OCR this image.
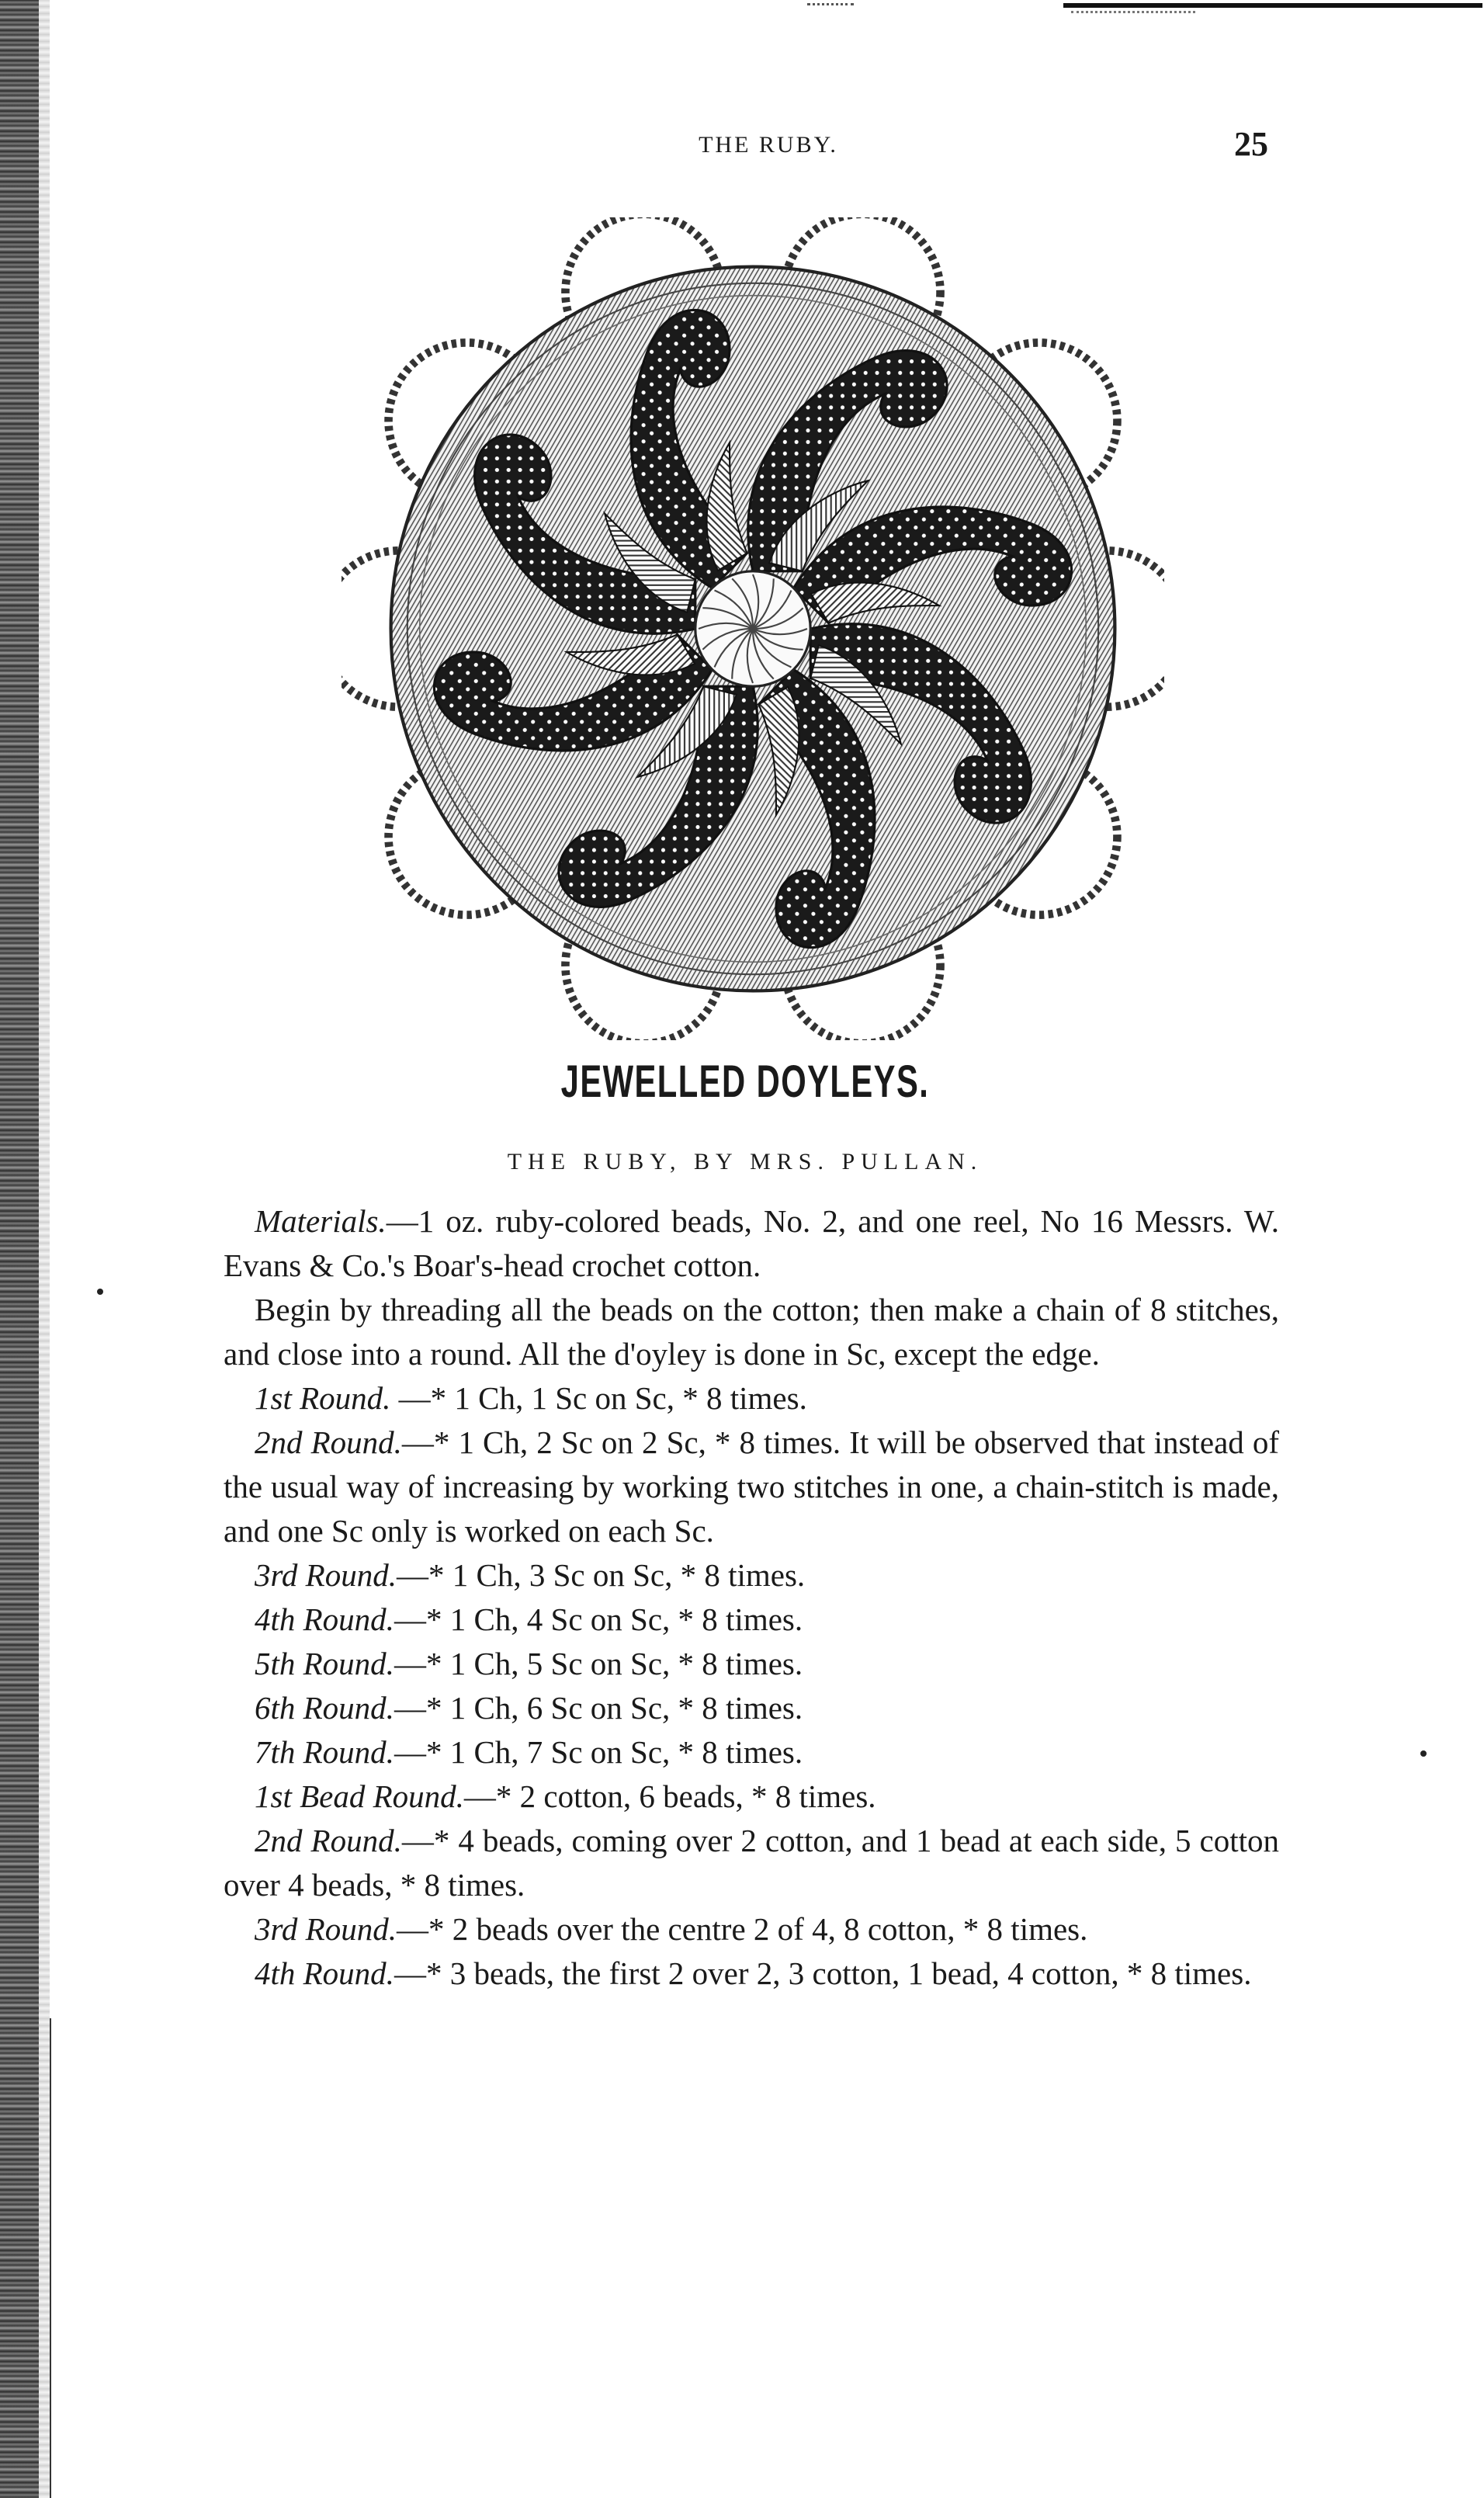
THE RUBY.	25
JEWELLED DOYLEYS.
THE RUBY, BY MRS. PULLAN.

Materials.—1 oz. ruby-colored beads, No. 2, and one reel, No 16 Messrs. W. Evans & Co.'s Boar's-head crochet cotton.

Begin by threading all the beads on the cotton; then make a chain of 8 stitches, and close into a round. All the d'oyley is done in Sc, except the edge.

1st Round. —* 1 Ch, 1 Sc on Sc, * 8 times.

2nd Round.—* 1 Ch, 2 Sc on 2 Sc, * 8 times. It will be observed that instead of the usual way of increasing by working two stitches in one, a chain-stitch is made, and one Sc only is worked on each Sc.

3rd Round.—* 1 Ch, 3 Sc on Sc, * 8 times.

4th Round.—* 1 Ch, 4 Sc on Sc, * 8 times.

5th Round.—* 1 Ch, 5 Sc on Sc, * 8 times.

6th Round.—* 1 Ch, 6 Sc on Sc, * 8 times.

7th Round.—* 1 Ch, 7 Sc on Sc, * 8 times.

1st Bead Round.—* 2 cotton, 6 beads, * 8 times.

2nd Round.—* 4 beads, coming over 2 cotton, and 1 bead at each side, 5 cotton over 4 beads, * 8 times.

3rd Round.—* 2 beads over the centre 2 of 4, 8 cotton, * 8 times.

4th Round.—* 3 beads, the first 2 over 2, 3 cotton, 1 bead, 4 cotton, * 8 times.
